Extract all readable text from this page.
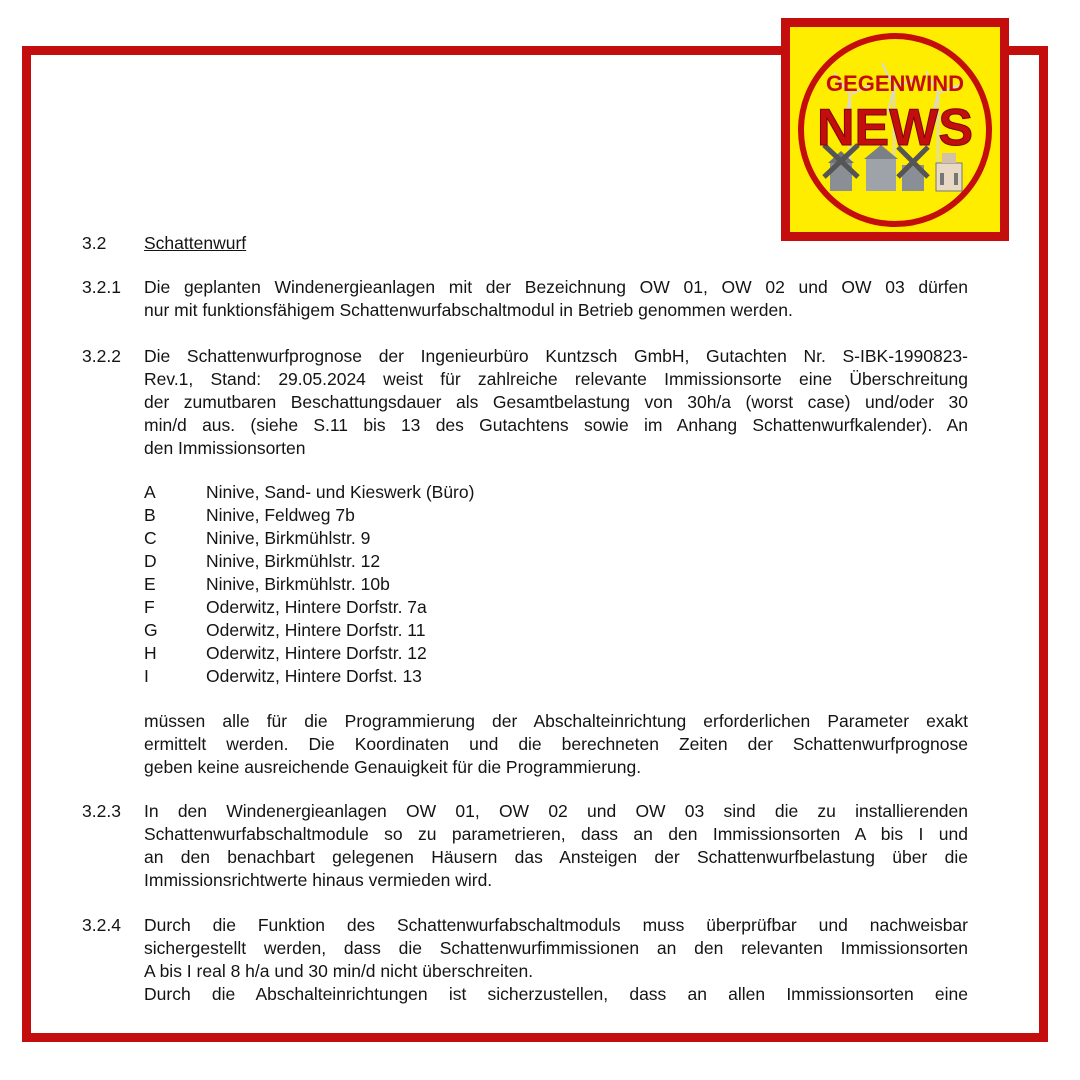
3.2 Schattenwurf
3.2.1 Die geplanten Windenergieanlagen mit der Bezeichnung OW 01, OW 02 und OW 03 dürfen
nur mit funktionsfähigem Schattenwurfabschaltmodul in Betrieb genommen werden.
3.2.2 Die Schattenwurfprognose der Ingenieurbüro Kuntzsch GmbH, Gutachten Nr. S-IBK-1990823-
Rev.1, Stand: 29.05.2024 weist für zahlreiche relevante Immissionsorte eine Überschreitung
der zumutbaren Beschattungsdauer als Gesamtbelastung von 30h/a (worst case) und/oder 30
min/d aus. (siehe S.11 bis 13 des Gutachtens sowie im Anhang Schattenwurfkalender). An
den Immissionsorten
A	Ninive, Sand- und Kieswerk (Büro)
B	Ninive, Feldweg 7b
C	Ninive, Birkmühlstr. 9
D	Ninive, Birkmühlstr. 12
E	Ninive, Birkmühlstr. 10b
F	Oderwitz, Hintere Dorfstr. 7a
G	Oderwitz, Hintere Dorfstr. 11
H	Oderwitz, Hintere Dorfstr. 12
I	Oderwitz, Hintere Dorfst. 13
müssen alle für die Programmierung der Abschalteinrichtung erforderlichen Parameter exakt
ermittelt werden. Die Koordinaten und die berechneten Zeiten der Schattenwurfprognose
geben keine ausreichende Genauigkeit für die Programmierung.
3.2.3 In den Windenergieanlagen OW 01, OW 02 und OW 03 sind die zu installierenden
Schattenwurfabschaltmodule so zu parametrieren, dass an den Immissionsorten A bis I und
an den benachbart gelegenen Häusern das Ansteigen der Schattenwurfbelastung über die
Immissionsrichtwerte hinaus vermieden wird.
3.2.4 Durch die Funktion des Schattenwurfabschaltmoduls muss überprüfbar und nachweisbar
sichergestellt werden, dass die Schattenwurfimmissionen an den relevanten Immissionsorten
A bis I real 8 h/a und 30 min/d nicht überschreiten.
Durch die Abschalteinrichtungen ist sicherzustellen, dass an allen Immissionsorten eine
GEGENWIND
NEWS
